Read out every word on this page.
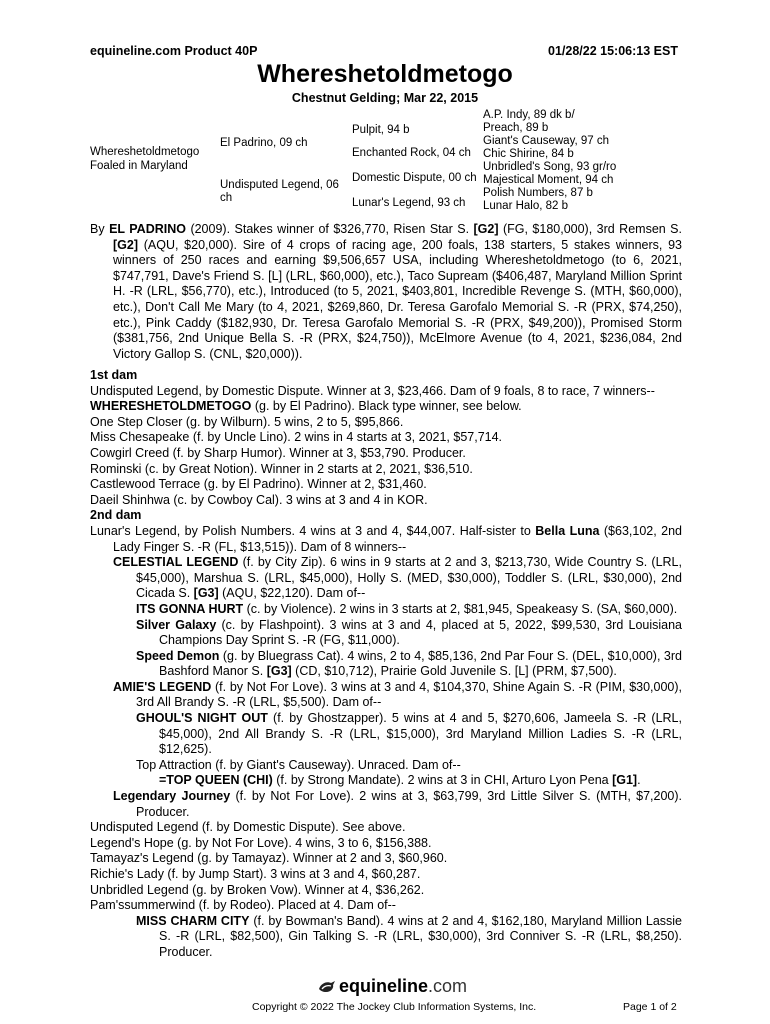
equineline.com Product 40P	01/28/22 15:06:13 EST
Whereshetoldmetogo
Chestnut Gelding; Mar 22, 2015
Whereshetoldmetogo
Foaled in Maryland
El Padrino, 09 ch
Undisputed Legend, 06 ch
Pulpit, 94 b
Enchanted Rock, 04 ch
Domestic Dispute, 00 ch
Lunar's Legend, 93 ch
A.P. Indy, 89 dk b/
Preach, 89 b
Giant's Causeway, 97 ch
Chic Shirine, 84 b
Unbridled's Song, 93 gr/ro
Majestical Moment, 94 ch
Polish Numbers, 87 b
Lunar Halo, 82 b

By EL PADRINO (2009). Stakes winner of $326,770, Risen Star S. [G2] (FG, $180,000), 3rd Remsen S. [G2] (AQU, $20,000). Sire of 4 crops of racing age, 200 foals, 138 starters, 5 stakes winners, 93 winners of 250 races and earning $9,506,657 USA, including Whereshetoldmetogo (to 6, 2021, $747,791, Dave's Friend S. [L] (LRL, $60,000), etc.), Taco Supream ($406,487, Maryland Million Sprint H. -R (LRL, $56,770), etc.), Introduced (to 5, 2021, $403,801, Incredible Revenge S. (MTH, $60,000), etc.), Don't Call Me Mary (to 4, 2021, $269,860, Dr. Teresa Garofalo Memorial S. -R (PRX, $74,250), etc.), Pink Caddy ($182,930, Dr. Teresa Garofalo Memorial S. -R (PRX, $49,200)), Promised Storm ($381,756, 2nd Unique Bella S. -R (PRX, $24,750)), McElmore Avenue (to 4, 2021, $236,084, 2nd Victory Gallop S. (CNL, $20,000)).

1st dam

Undisputed Legend, by Domestic Dispute. Winner at 3, $23,466. Dam of 9 foals, 8 to race, 7 winners--

WHERESHETOLDMETOGO (g. by El Padrino). Black type winner, see below.

One Step Closer (g. by Wilburn). 5 wins, 2 to 5, $95,866.

Miss Chesapeake (f. by Uncle Lino). 2 wins in 4 starts at 3, 2021, $57,714.

Cowgirl Creed (f. by Sharp Humor). Winner at 3, $53,790. Producer.

Rominski (c. by Great Notion). Winner in 2 starts at 2, 2021, $36,510.

Castlewood Terrace (g. by El Padrino). Winner at 2, $31,460.

Daeil Shinhwa (c. by Cowboy Cal). 3 wins at 3 and 4 in KOR.

2nd dam

Lunar's Legend, by Polish Numbers. 4 wins at 3 and 4, $44,007. Half-sister to Bella Luna ($63,102, 2nd Lady Finger S. -R (FL, $13,515)). Dam of 8 winners--

CELESTIAL LEGEND (f. by City Zip). 6 wins in 9 starts at 2 and 3, $213,730, Wide Country S. (LRL, $45,000), Marshua S. (LRL, $45,000), Holly S. (MED, $30,000), Toddler S. (LRL, $30,000), 2nd Cicada S. [G3] (AQU, $22,120). Dam of--

ITS GONNA HURT (c. by Violence). 2 wins in 3 starts at 2, $81,945, Speakeasy S. (SA, $60,000).

Silver Galaxy (c. by Flashpoint). 3 wins at 3 and 4, placed at 5, 2022, $99,530, 3rd Louisiana Champions Day Sprint S. -R (FG, $11,000).

Speed Demon (g. by Bluegrass Cat). 4 wins, 2 to 4, $85,136, 2nd Par Four S. (DEL, $10,000), 3rd Bashford Manor S. [G3] (CD, $10,712), Prairie Gold Juvenile S. [L] (PRM, $7,500).

AMIE'S LEGEND (f. by Not For Love). 3 wins at 3 and 4, $104,370, Shine Again S. -R (PIM, $30,000), 3rd All Brandy S. -R (LRL, $5,500). Dam of--

GHOUL'S NIGHT OUT (f. by Ghostzapper). 5 wins at 4 and 5, $270,606, Jameela S. -R (LRL, $45,000), 2nd All Brandy S. -R (LRL, $15,000), 3rd Maryland Million Ladies S. -R (LRL, $12,625).

Top Attraction (f. by Giant's Causeway). Unraced. Dam of--

=TOP QUEEN (CHI) (f. by Strong Mandate). 2 wins at 3 in CHI, Arturo Lyon Pena [G1].

Legendary Journey (f. by Not For Love). 2 wins at 3, $63,799, 3rd Little Silver S. (MTH, $7,200). Producer.

Undisputed Legend (f. by Domestic Dispute). See above.

Legend's Hope (g. by Not For Love). 4 wins, 3 to 6, $156,388.

Tamayaz's Legend (g. by Tamayaz). Winner at 2 and 3, $60,960.

Richie's Lady (f. by Jump Start). 3 wins at 3 and 4, $60,287.

Unbridled Legend (g. by Broken Vow). Winner at 4, $36,262.

Pam'ssummerwind (f. by Rodeo). Placed at 4. Dam of--

MISS CHARM CITY (f. by Bowman's Band). 4 wins at 2 and 4, $162,180, Maryland Million Lassie S. -R (LRL, $82,500), Gin Talking S. -R (LRL, $30,000), 3rd Conniver S. -R (LRL, $8,250). Producer.

equineline.com
Copyright © 2022 The Jockey Club Information Systems, Inc.	Page 1 of 2
